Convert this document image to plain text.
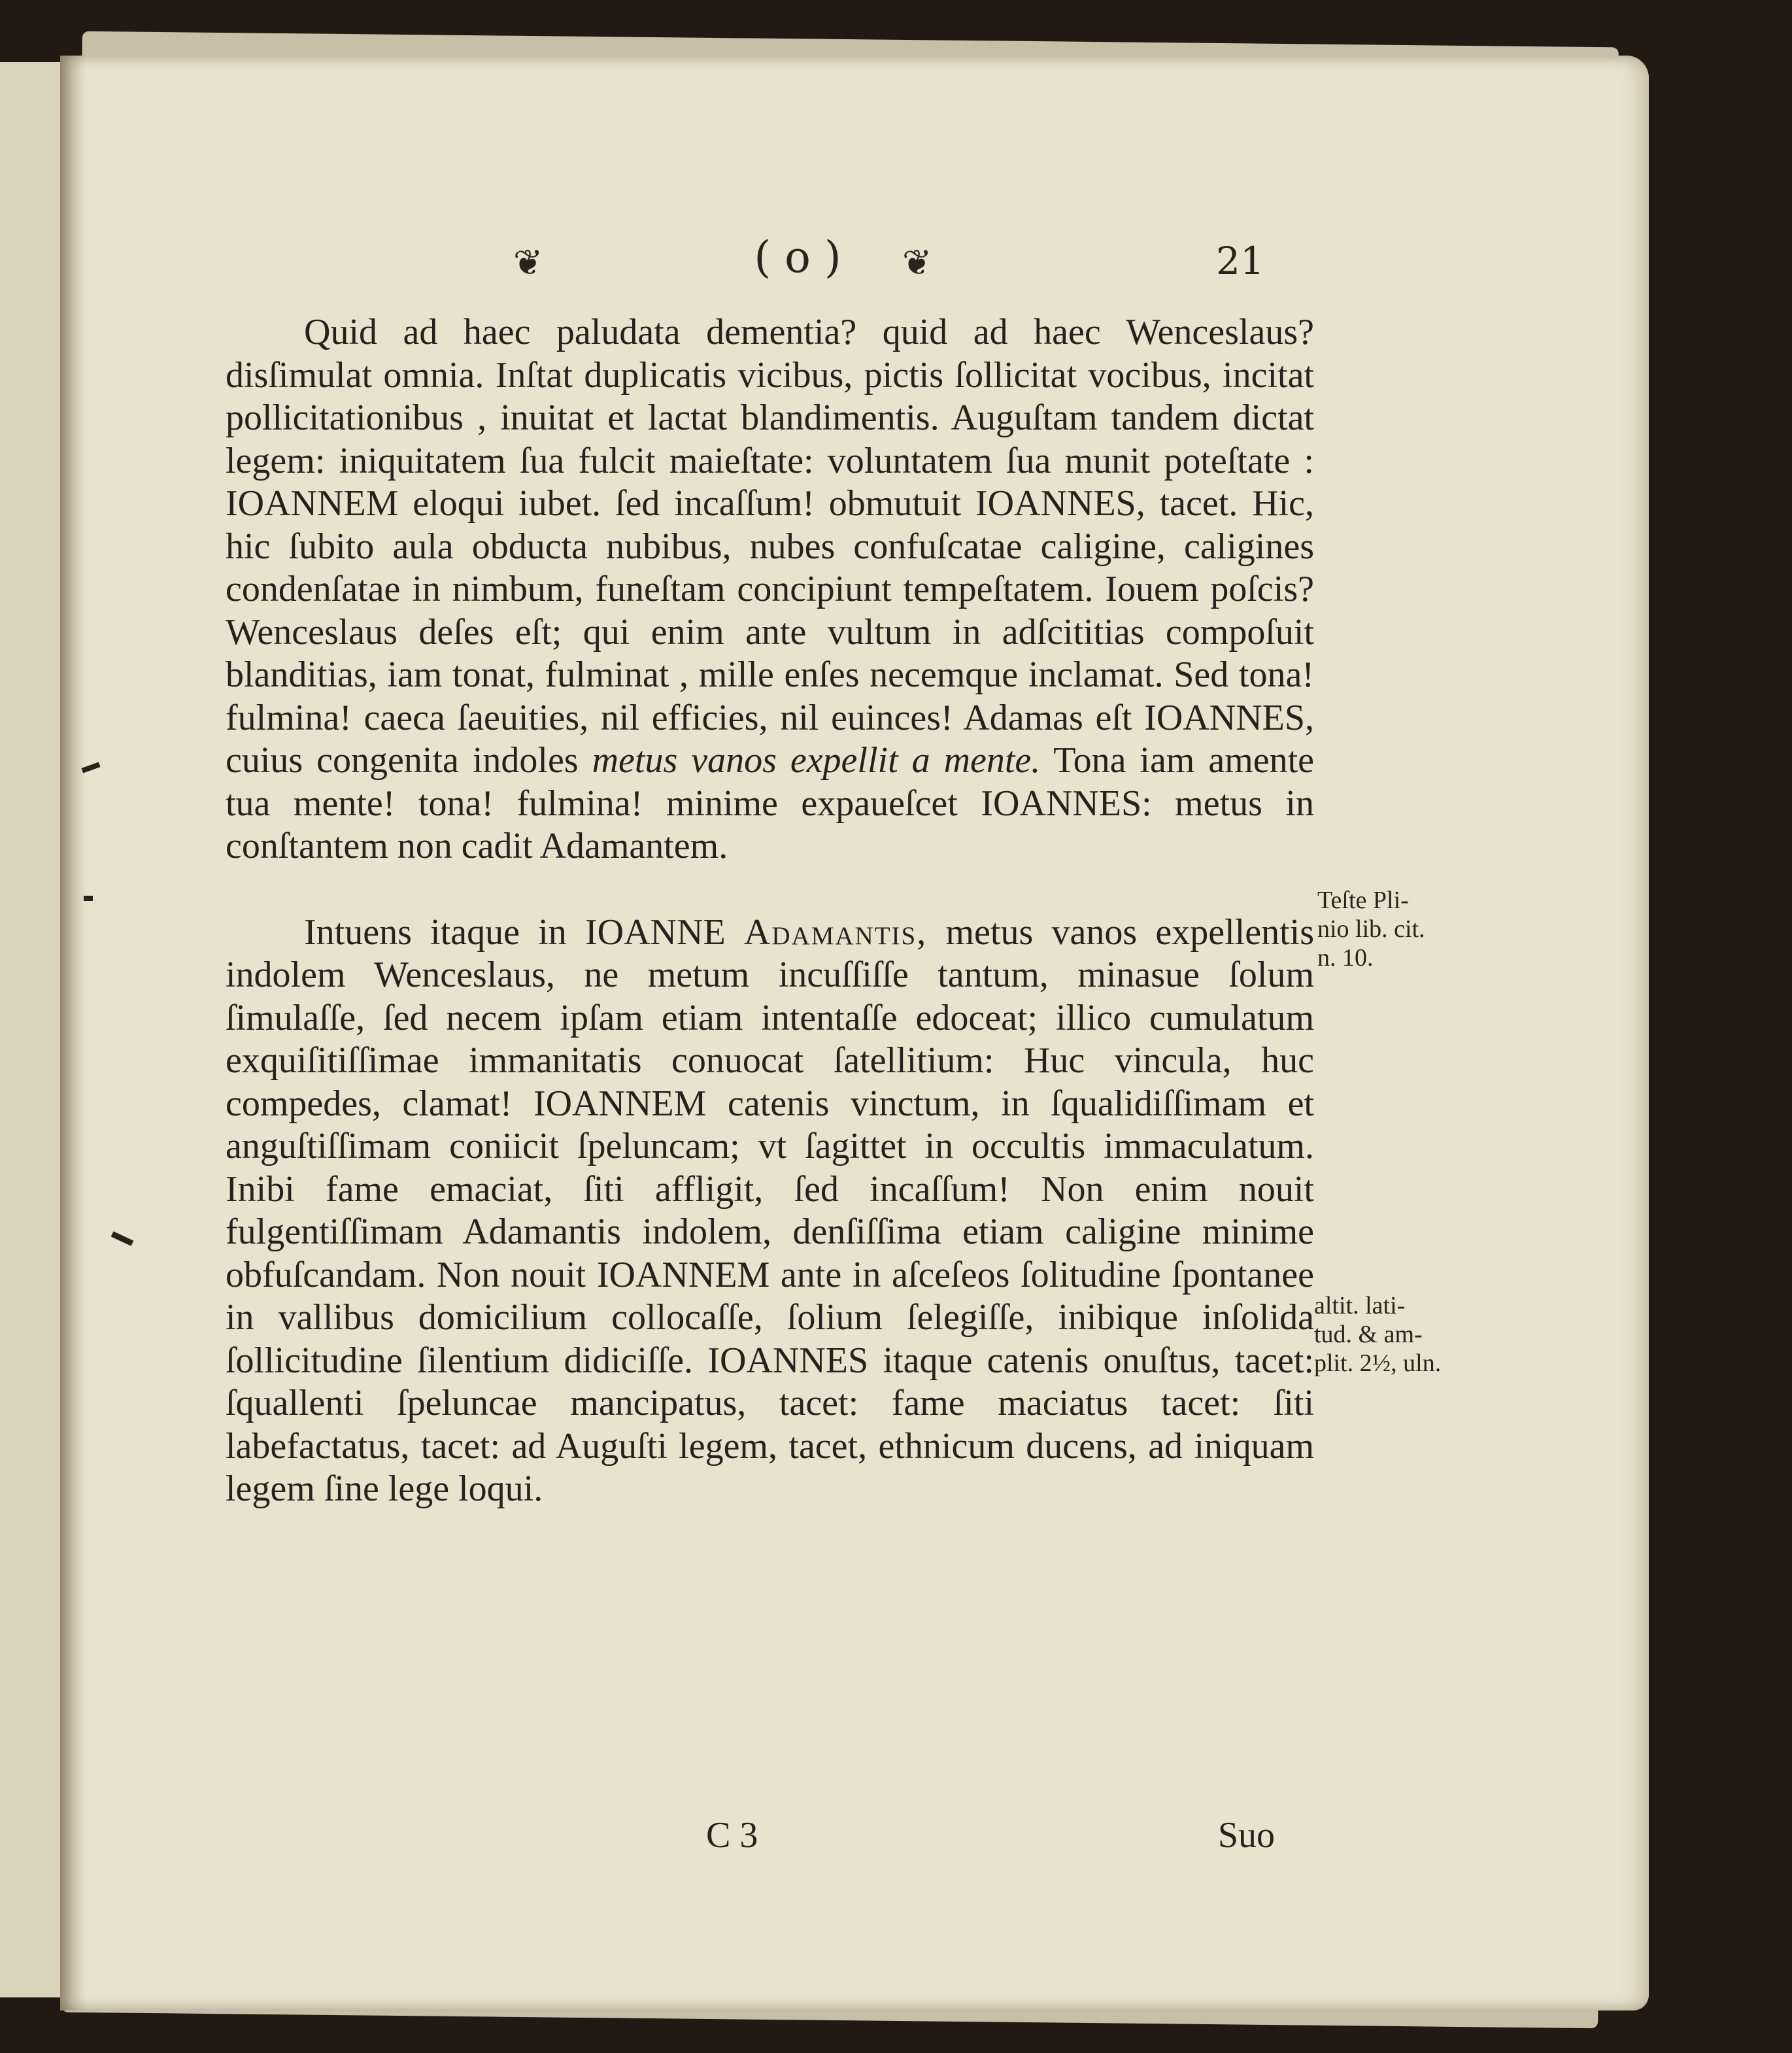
❦	( o )	❦	21

Quid ad haec paludata dementia? quid ad haec Wenceslaus? disſimulat omnia. Inſtat duplicatis vicibus, pictis ſollicitat vocibus, incitat pollicitationibus , inuitat et lactat blandimentis. Auguſtam tandem dictat legem: iniquitatem ſua fulcit maieſtate: voluntatem ſua munit poteſtate : IOANNEM eloqui iubet. ſed incaſſum! obmutuit IOANNES, tacet. Hic, hic ſubito aula obducta nubibus, nubes confuſcatae caligine, caligines condenſatae in nimbum, funeſtam concipiunt tempeſtatem. Iouem poſcis? Wenceslaus deſes eſt; qui enim ante vultum in adſcititias compoſuit blanditias, iam tonat, fulminat , mille enſes necemque inclamat. Sed tona! fulmina! caeca ſaeuities, nil efficies, nil euinces! Adamas eſt IOANNES, cuius congenita indoles metus vanos expellit a mente. Tona iam amente tua mente! tona! fulmina! minime expaueſcet IOANNES: metus in conſtantem non cadit Adamantem.

Intuens itaque in IOANNE Adamantis, metus vanos expellentis indolem Wenceslaus, ne metum incuſſiſſe tantum, minasue ſolum ſimulaſſe, ſed necem ipſam etiam intentaſſe edoceat; illico cumulatum exquiſitiſſimae immanitatis conuocat ſatellitium: Huc vincula, huc compedes, clamat! IOANNEM catenis vinctum, in ſqualidiſſimam et anguſtiſſimam coniicit ſpeluncam; vt ſagittet in occultis immaculatum. Inibi fame emaciat, ſiti affligit, ſed incaſſum! Non enim nouit fulgentiſſimam Adamantis indolem, denſiſſima etiam caligine minime obfuſcandam. Non nouit IOANNEM ante in aſceſeos ſolitudine ſpontanee in vallibus domicilium collocaſſe, ſolium ſelegiſſe, inibique inſolida ſollicitudine ſilentium didiciſſe. IOANNES itaque catenis onuſtus, tacet: ſquallenti ſpeluncae mancipatus, tacet: fame maciatus tacet: ſiti labefactatus, tacet: ad Auguſti legem, tacet, ethnicum ducens, ad iniquam legem ſine lege loqui.

Teſte Pli-
nio lib. cit.
n. 10.
altit. lati-
tud. & am-
plit. 2½, uln.
C 3	Suo
